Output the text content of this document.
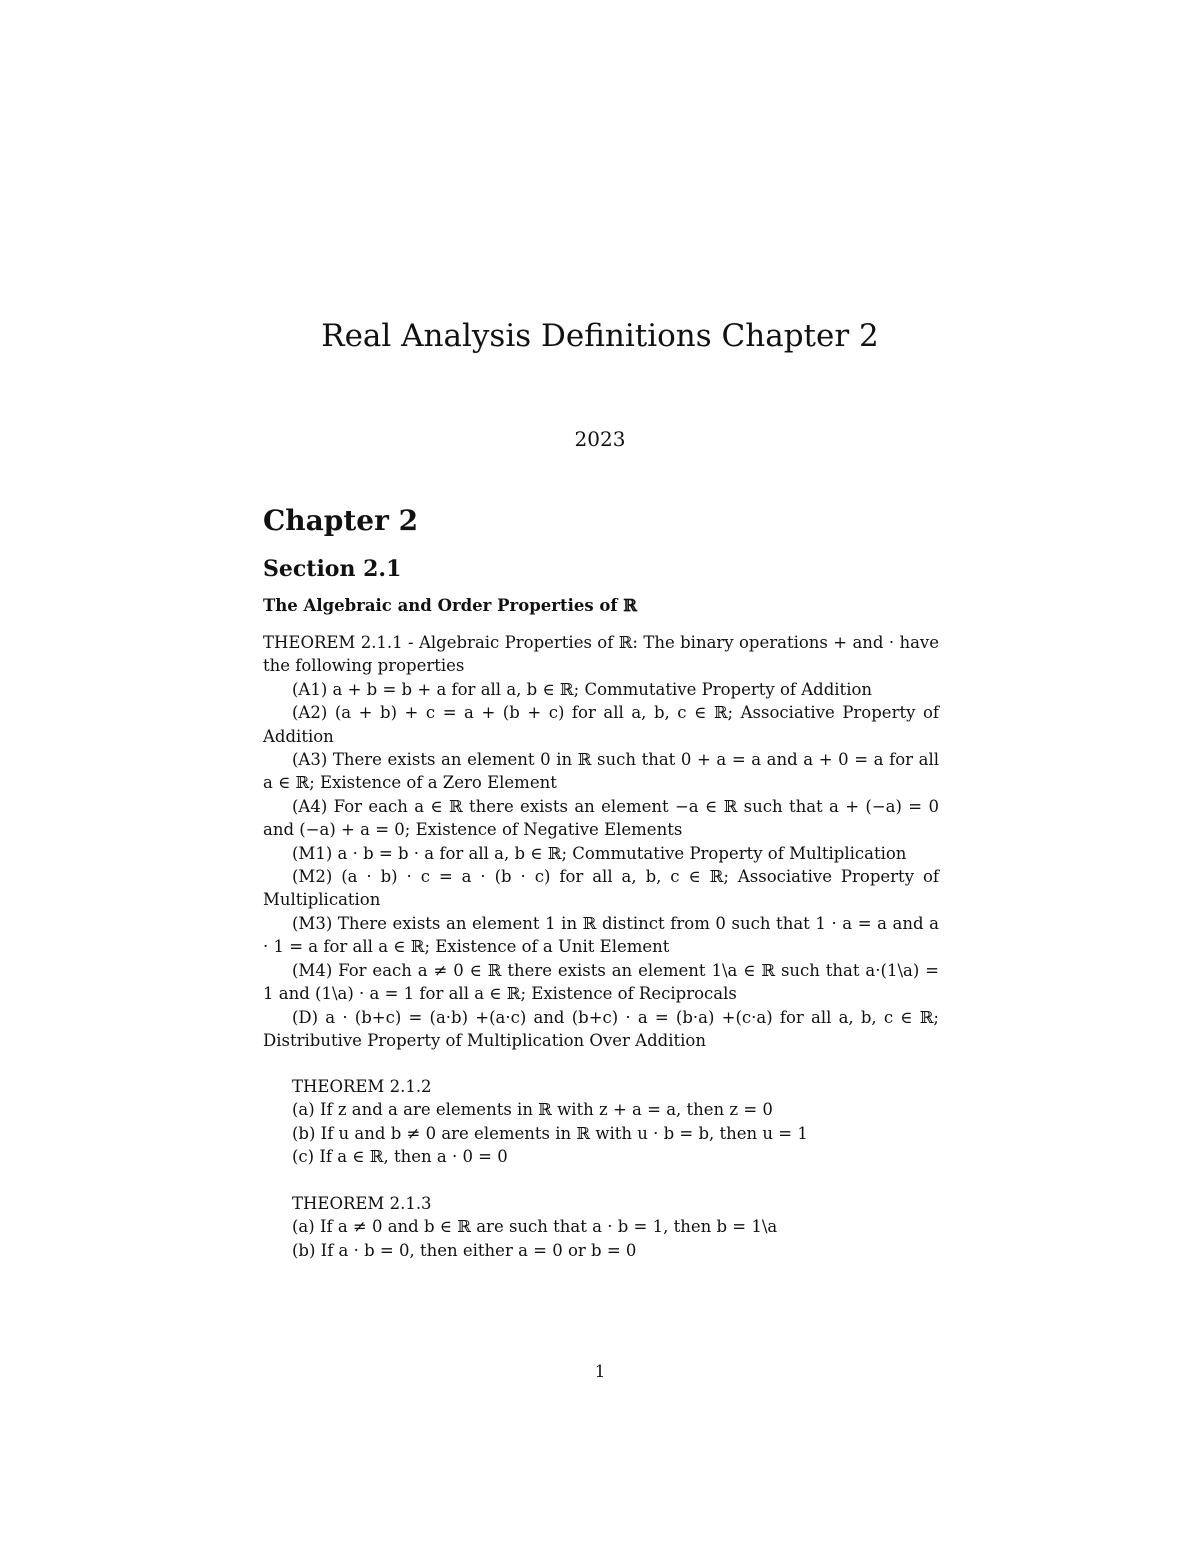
Real Analysis Definitions Chapter 2
2023
Chapter 2
Section 2.1
The Algebraic and Order Properties of ℝ

THEOREM 2.1.1 - Algebraic Properties of ℝ: The binary operations + and · have the following properties

(A1) a + b = b + a for all a, b ∈ ℝ; Commutative Property of Addition

(A2) (a + b) + c = a + (b + c) for all a, b, c ∈ ℝ; Associative Property of Addition

(A3) There exists an element 0 in ℝ such that 0 + a = a and a + 0 = a for all a ∈ ℝ; Existence of a Zero Element

(A4) For each a ∈ ℝ there exists an element −a ∈ ℝ such that a + (−a) = 0 and (−a) + a = 0; Existence of Negative Elements

(M1) a · b = b · a for all a, b ∈ ℝ; Commutative Property of Multiplication

(M2) (a · b) · c = a · (b · c) for all a, b, c ∈ ℝ; Associative Property of Multiplication

(M3) There exists an element 1 in ℝ distinct from 0 such that 1 · a = a and a · 1 = a for all a ∈ ℝ; Existence of a Unit Element

(M4) For each a ≠ 0 ∈ ℝ there exists an element 1\a ∈ ℝ such that a·(1\a) = 1 and (1\a) · a = 1 for all a ∈ ℝ; Existence of Reciprocals

(D) a · (b+c) = (a·b) +(a·c) and (b+c) · a = (b·a) +(c·a) for all a, b, c ∈ ℝ; Distributive Property of Multiplication Over Addition

THEOREM 2.1.2
(a) If z and a are elements in ℝ with z + a = a, then z = 0
(b) If u and b ≠ 0 are elements in ℝ with u · b = b, then u = 1
(c) If a ∈ ℝ, then a · 0 = 0
THEOREM 2.1.3
(a) If a ≠ 0 and b ∈ ℝ are such that a · b = 1, then b = 1\a
(b) If a · b = 0, then either a = 0 or b = 0
1
